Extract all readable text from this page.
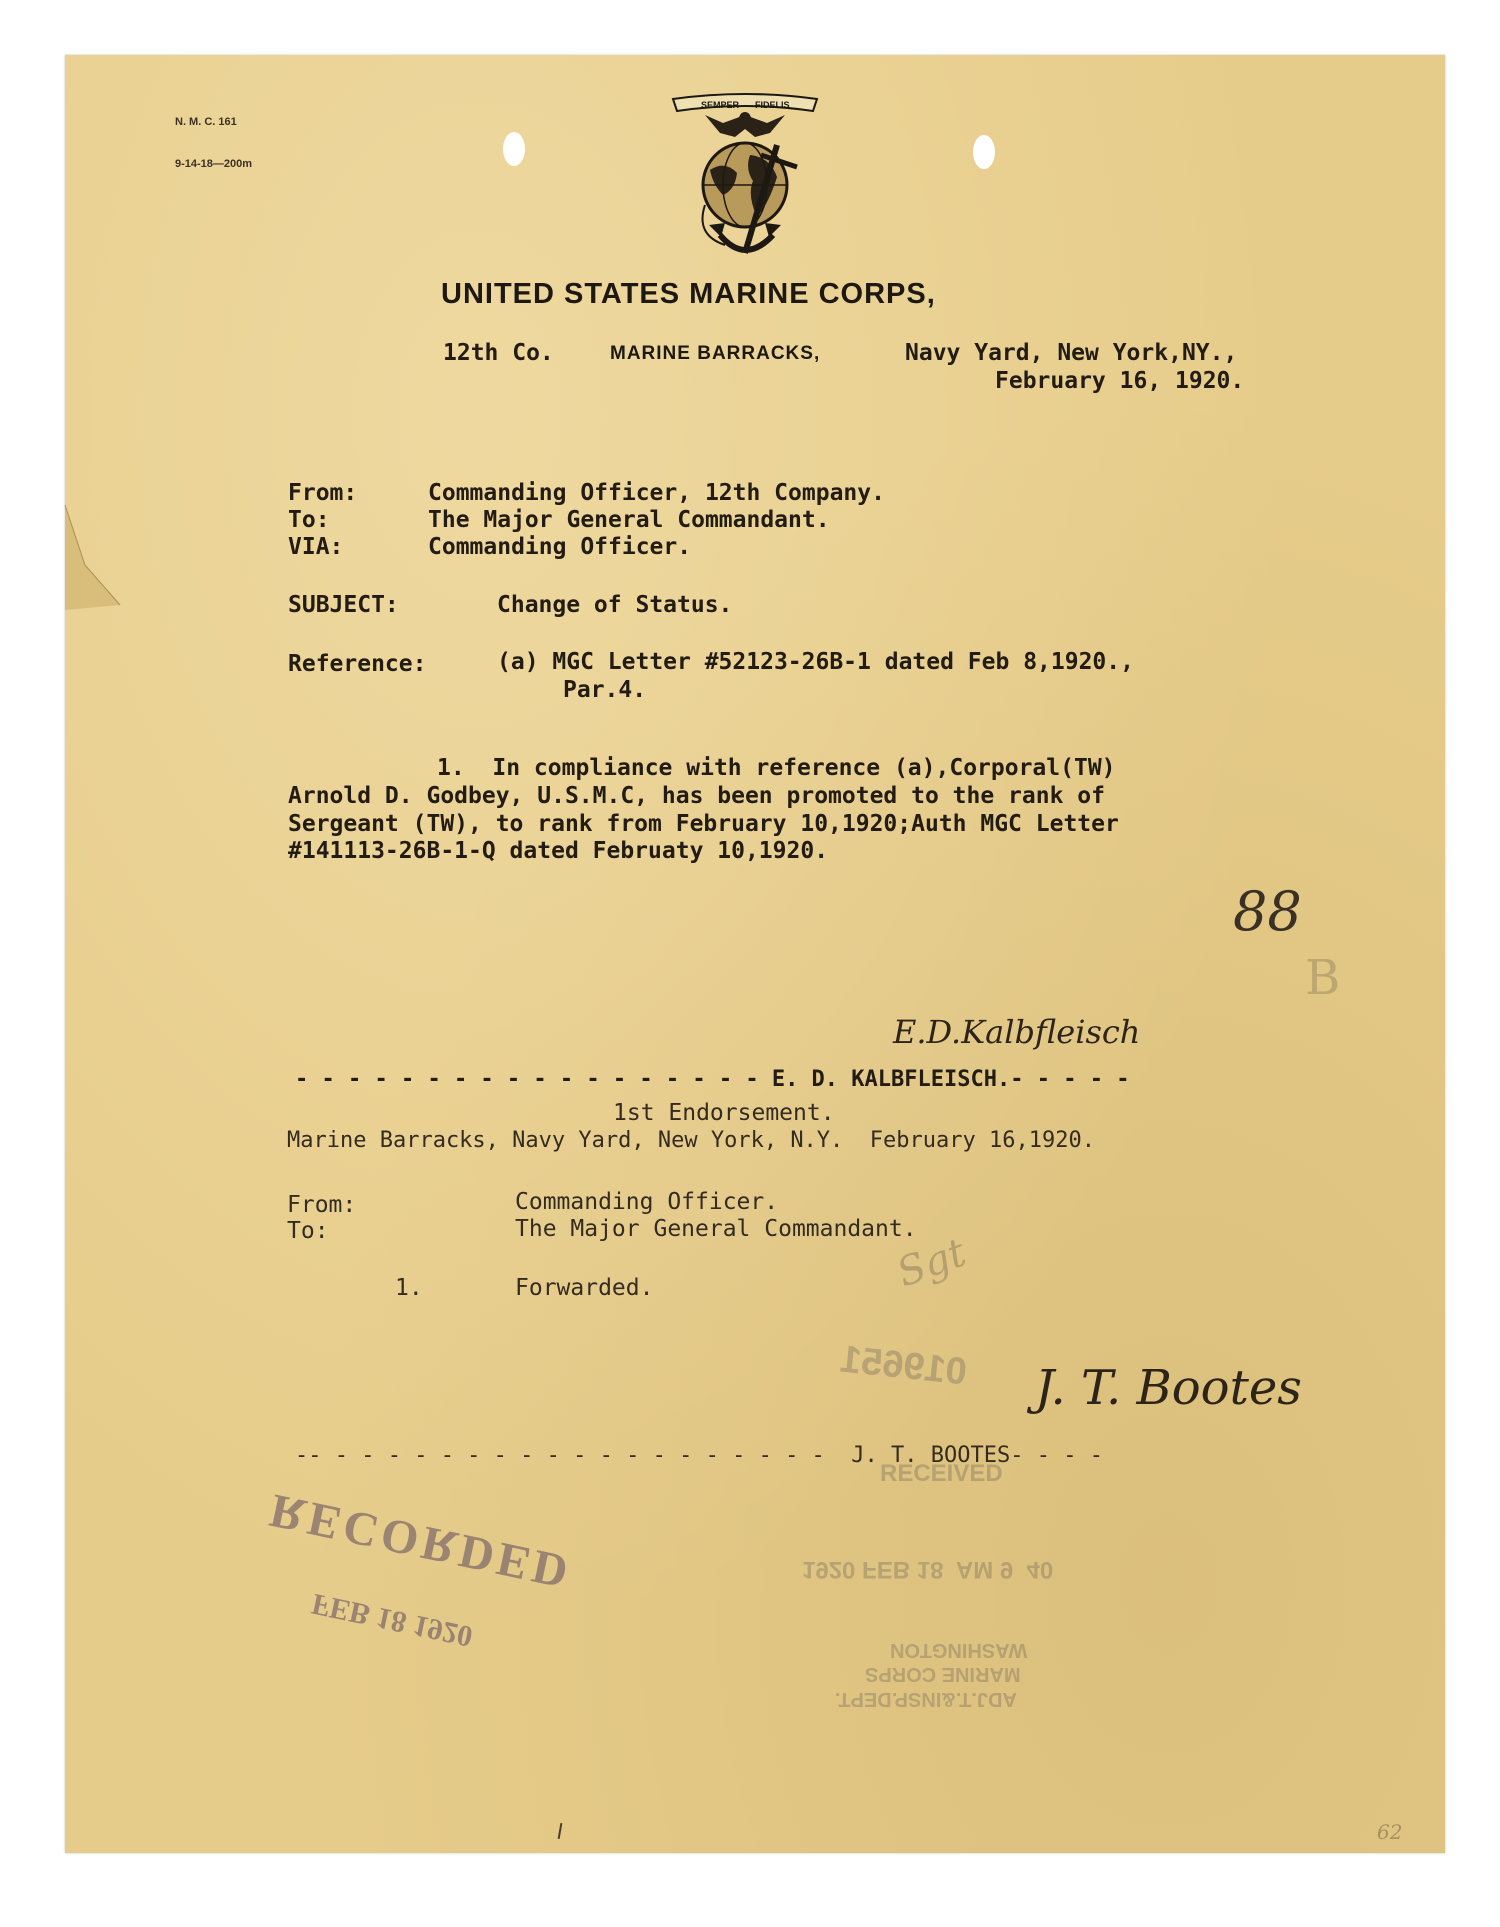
N. M. C. 161

9-14-18—200m

SEMPER FIDELIS
UNITED STATES MARINE CORPS,
12th Co.	MARINE BARRACKS,	Navy Yard, New York,NY.,
February 16, 1920.
From:	Commanding Officer, 12th Company.
To:	The Major General Commandant.
VIA:	Commanding Officer.
SUBJECT:	Change of Status.
Reference:	(a) MGC Letter #52123-26B-1 dated Feb 8,1920.,
Par.4.
1.  In compliance with reference (a),Corporal(TW)
Arnold D. Godbey, U.S.M.C, has been promoted to the rank of
Sergeant (TW), to rank from February 10,1920;Auth MGC Letter
#141113-26B-1-Q dated Februaty 10,1920.
88
B
E.D.Kalbfleisch
- - - - - - - - - - - - - - - - - - E. D. KALBFLEISCH.- - - - -
1st Endorsement.
Marine Barracks, Navy Yard, New York, N.Y.  February 16,1920.
From:	Commanding Officer.
To:	The Major General Commandant.
1.	Forwarded.	Sgt
019651 J. T. Bootes
-- - - - - - - - - - - - - - - - - - - -  J. T. BOOTES- - - -

FEB 18 1920

RECORDED

RECEIVED
1920 FEB 18  AM 9  40
WASHINGTON
MARINE CORPS
ADJ.T.&INSP.DEPT.
62
